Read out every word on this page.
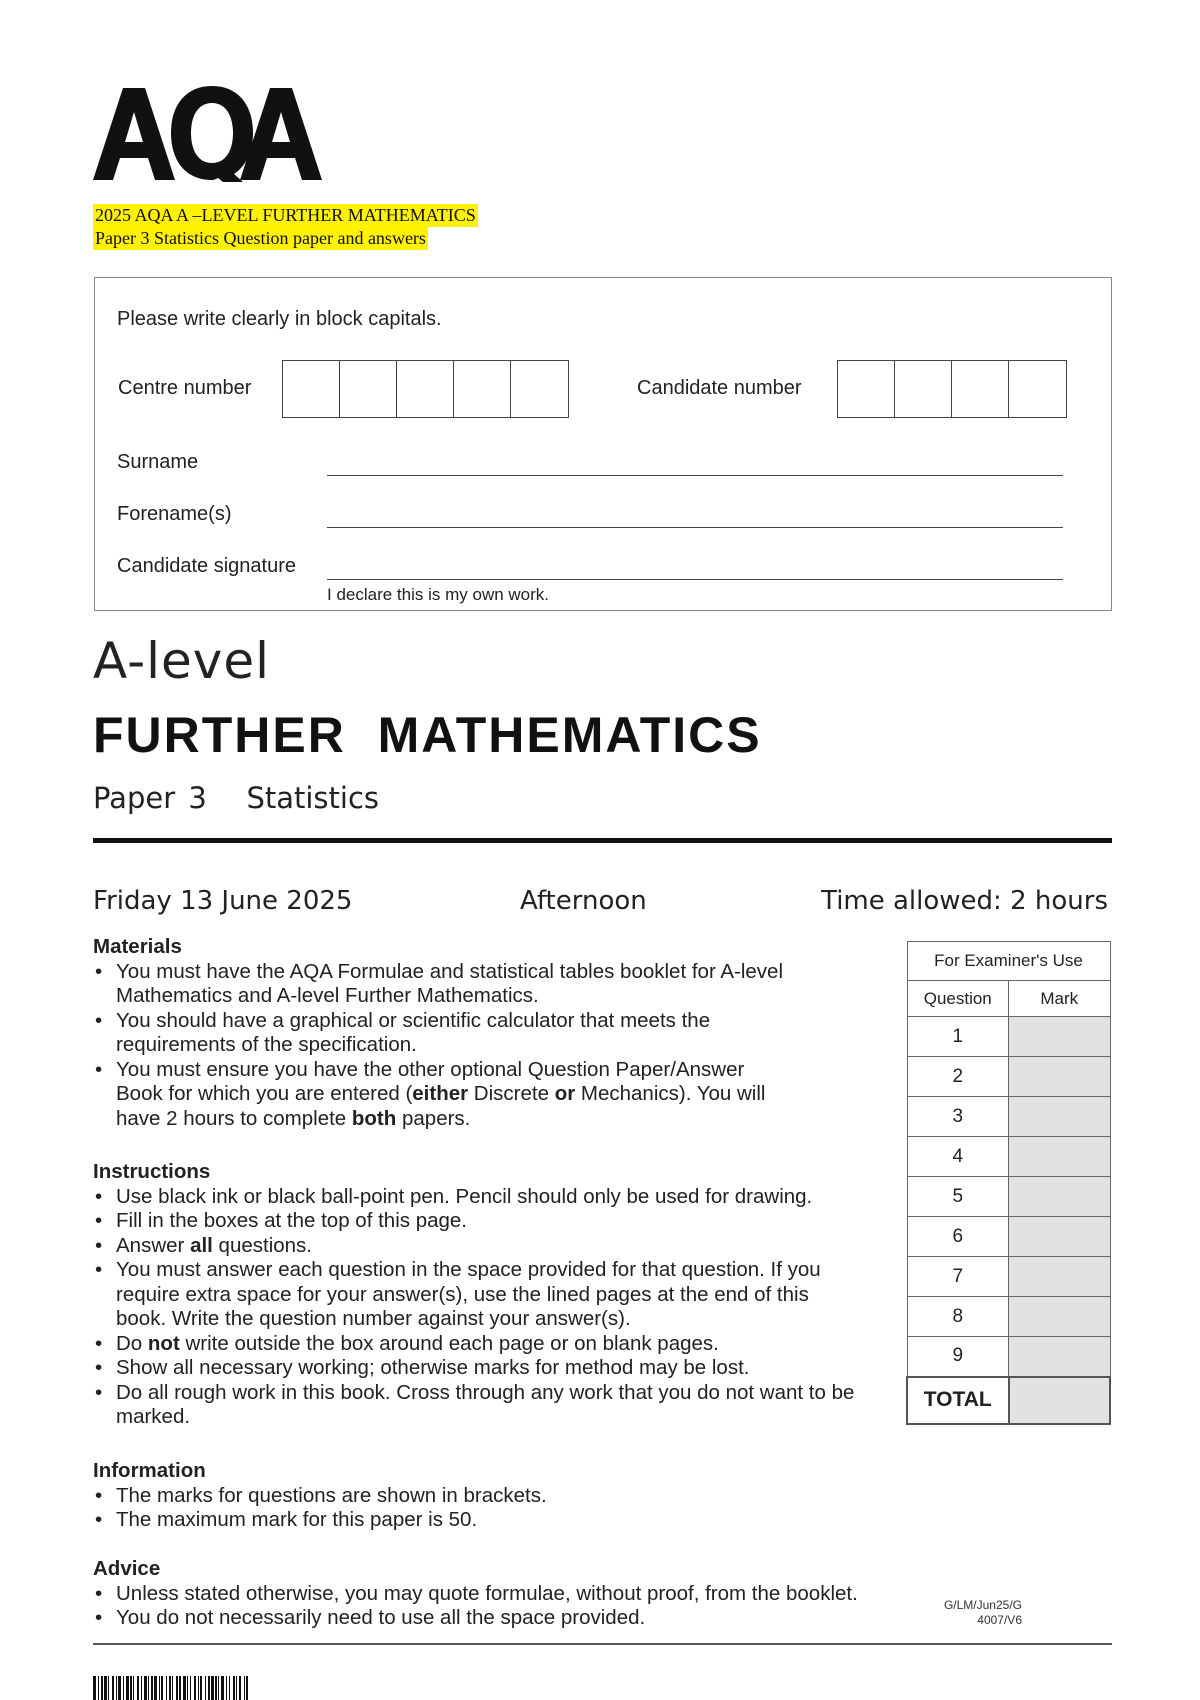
2025 AQA A –LEVEL FURTHER MATHEMATICS
Paper 3 Statistics Question paper and answers
Please write clearly in block capitals.
Centre number	Candidate number
Surname
Forename(s)
Candidate signature
I declare this is my own work.
A-level
FURTHER  MATHEMATICS
Paper 3   Statistics
Friday 13 June 2025	Afternoon	Time allowed: 2 hours
Materials
• You must have the AQA Formulae and statistical tables booklet for A-level Mathematics and A-level Further Mathematics.
• You should have a graphical or scientific calculator that meets the requirements of the specification.
• You must ensure you have the other optional Question Paper/Answer Book for which you are entered (either Discrete or Mechanics). You will have 2 hours to complete both papers.
Instructions
• Use black ink or black ball-point pen. Pencil should only be used for drawing.
• Fill in the boxes at the top of this page.
• Answer all questions.
• You must answer each question in the space provided for that question. If you require extra space for your answer(s), use the lined pages at the end of this book. Write the question number against your answer(s).
• Do not write outside the box around each page or on blank pages.
• Show all necessary working; otherwise marks for method may be lost.
• Do all rough work in this book. Cross through any work that you do not want to be marked.
Information
• The marks for questions are shown in brackets.
• The maximum mark for this paper is 50.
Advice
• Unless stated otherwise, you may quote formulae, without proof, from the booklet.
• You do not necessarily need to use all the space provided.
For Examiner's Use	
Question	Mark
1	
2	
3	
4	
5	
6	
7	
8	
9	
TOTAL	
G/LM/Jun25/G
4007/V6
